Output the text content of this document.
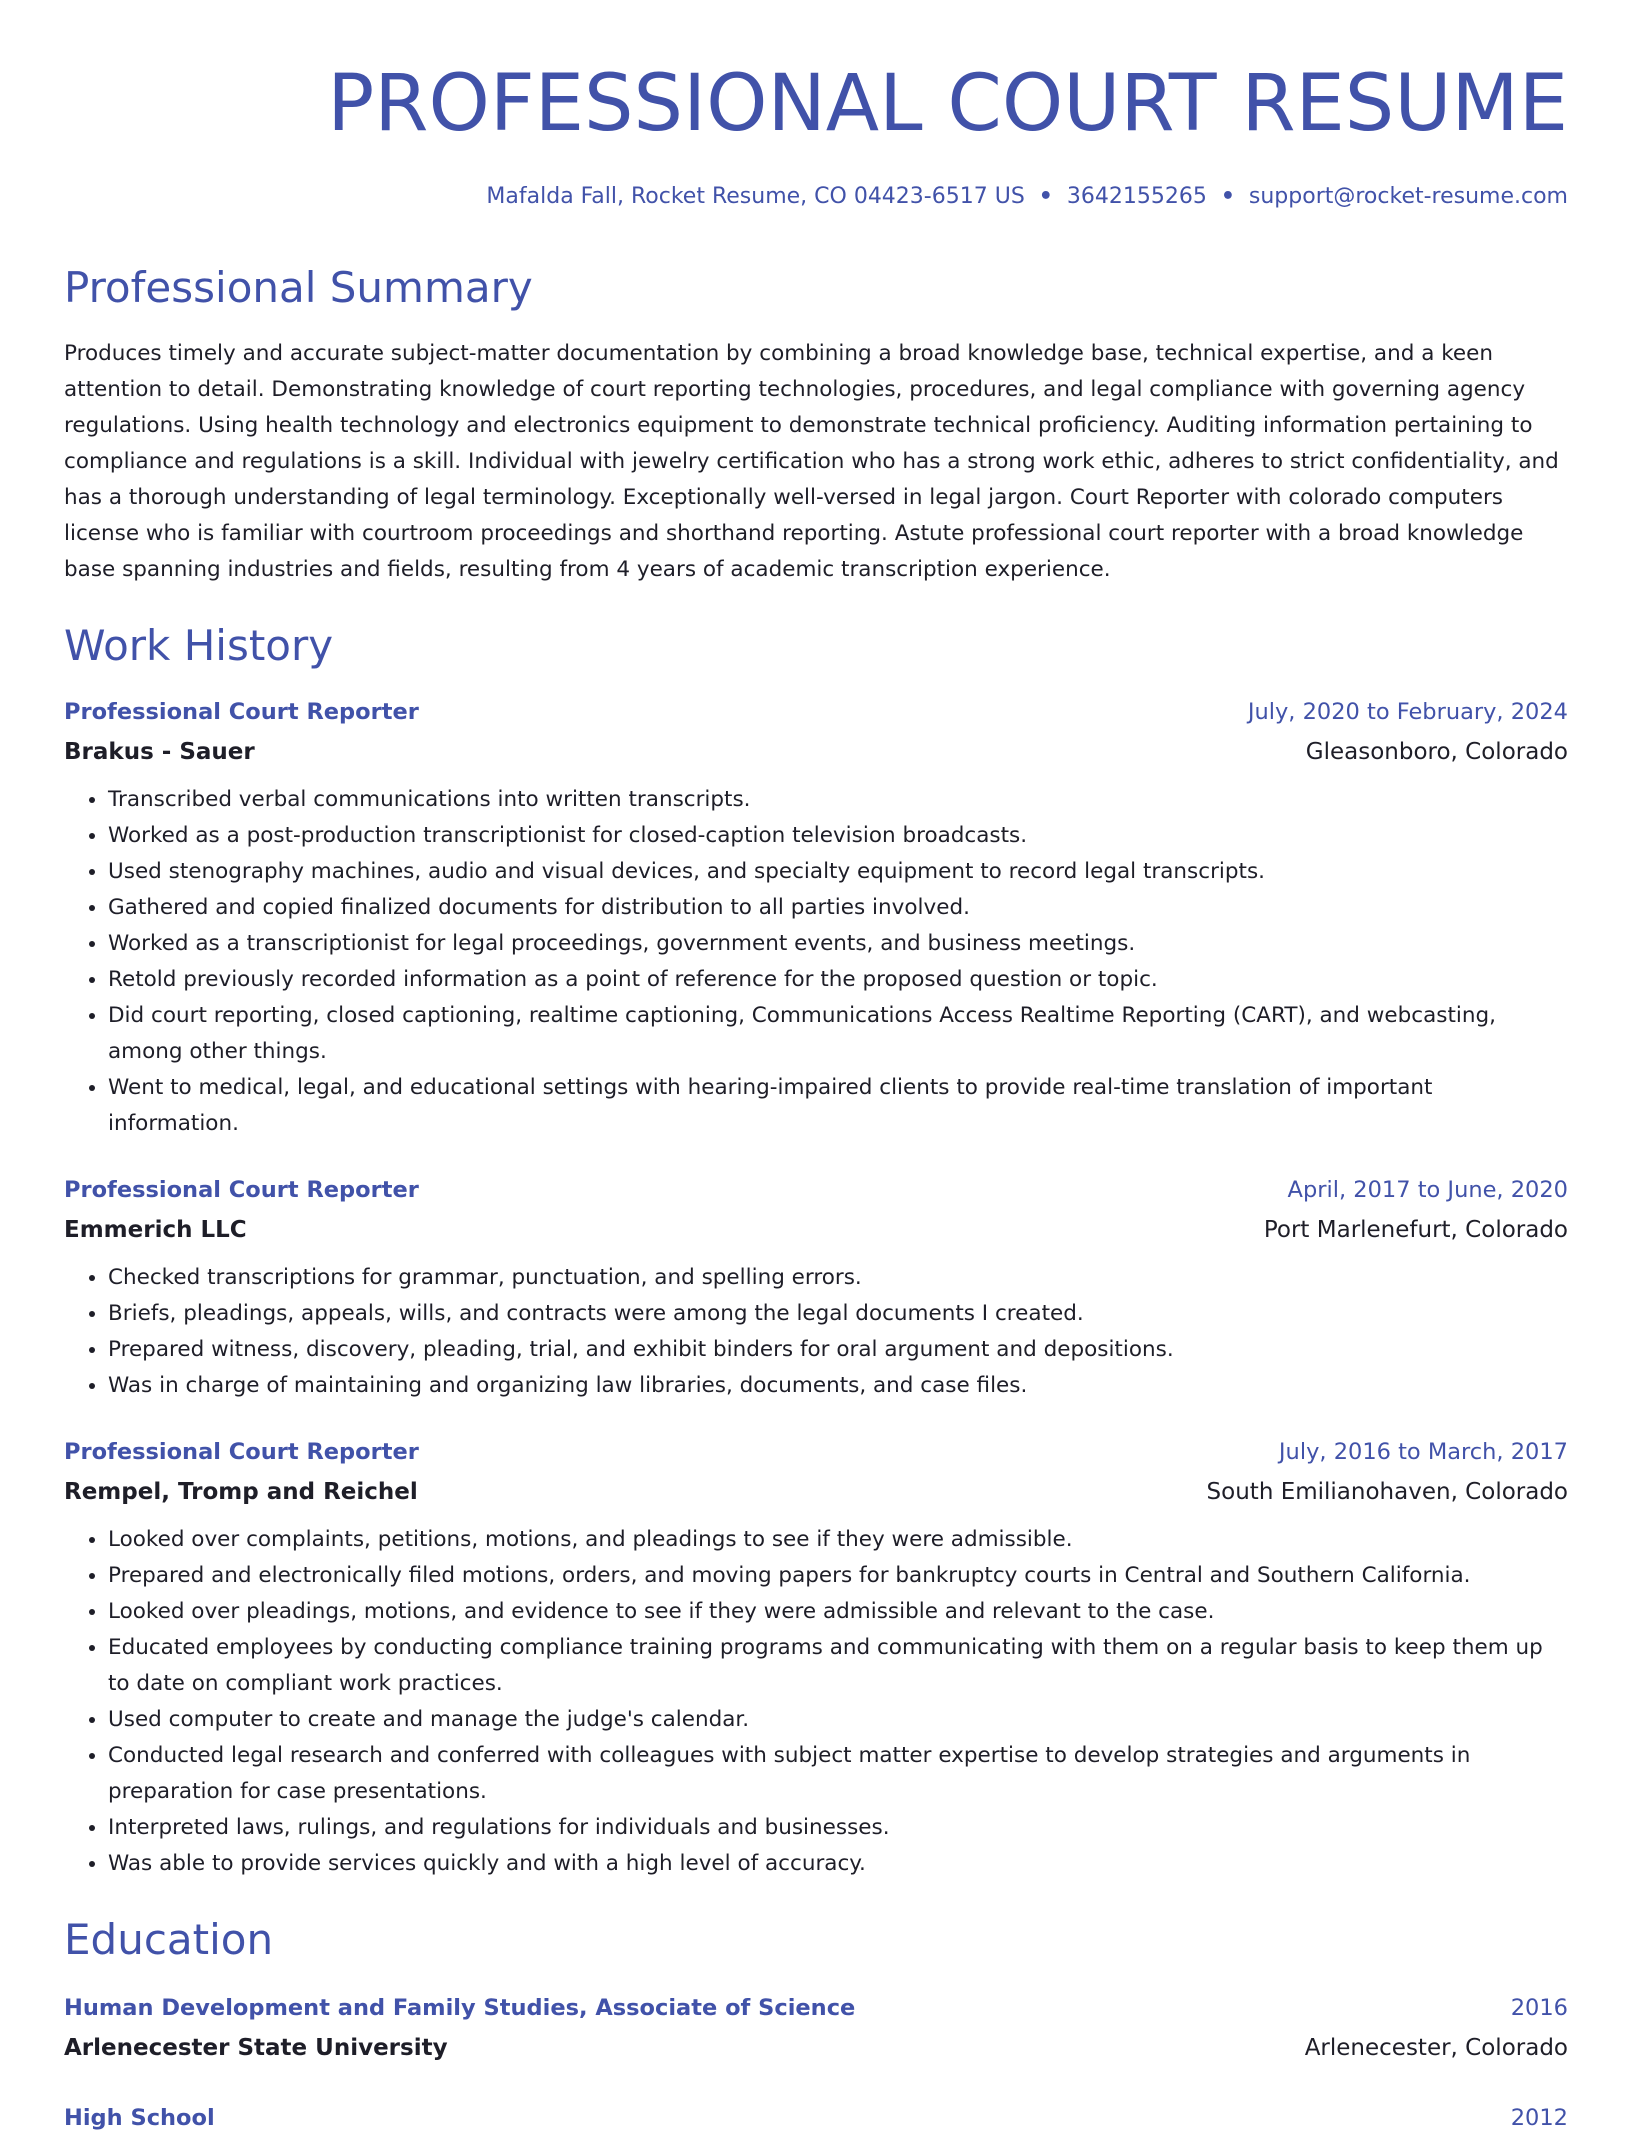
PROFESSIONAL COURT RESUME
Mafalda Fall, Rocket Resume, CO 04423-6517 US • 3642155265 • support@rocket-resume.com
Professional Summary
Produces timely and accurate subject-matter documentation by combining a broad knowledge base, technical expertise, and a keen attention to detail. Demonstrating knowledge of court reporting technologies, procedures, and legal compliance with governing agency regulations. Using health technology and electronics equipment to demonstrate technical proficiency. Auditing information pertaining to compliance and regulations is a skill. Individual with jewelry certification who has a strong work ethic, adheres to strict confidentiality, and has a thorough understanding of legal terminology. Exceptionally well-versed in legal jargon. Court Reporter with colorado computers license who is familiar with courtroom proceedings and shorthand reporting. Astute professional court reporter with a broad knowledge base spanning industries and fields, resulting from 4 years of academic transcription experience.
Work History
Professional Court Reporter	July, 2020 to February, 2024
Brakus - Sauer	Gleasonboro, Colorado
• Transcribed verbal communications into written transcripts.
• Worked as a post-production transcriptionist for closed-caption television broadcasts.
• Used stenography machines, audio and visual devices, and specialty equipment to record legal transcripts.
• Gathered and copied finalized documents for distribution to all parties involved.
• Worked as a transcriptionist for legal proceedings, government events, and business meetings.
• Retold previously recorded information as a point of reference for the proposed question or topic.
• Did court reporting, closed captioning, realtime captioning, Communications Access Realtime Reporting (CART), and webcasting, among other things.
• Went to medical, legal, and educational settings with hearing-impaired clients to provide real-time translation of important information.
Professional Court Reporter	April, 2017 to June, 2020
Emmerich LLC	Port Marlenefurt, Colorado
• Checked transcriptions for grammar, punctuation, and spelling errors.
• Briefs, pleadings, appeals, wills, and contracts were among the legal documents I created.
• Prepared witness, discovery, pleading, trial, and exhibit binders for oral argument and depositions.
• Was in charge of maintaining and organizing law libraries, documents, and case files.
Professional Court Reporter	July, 2016 to March, 2017
Rempel, Tromp and Reichel	South Emilianohaven, Colorado
• Looked over complaints, petitions, motions, and pleadings to see if they were admissible.
• Prepared and electronically filed motions, orders, and moving papers for bankruptcy courts in Central and Southern California.
• Looked over pleadings, motions, and evidence to see if they were admissible and relevant to the case.
• Educated employees by conducting compliance training programs and communicating with them on a regular basis to keep them up to date on compliant work practices.
• Used computer to create and manage the judge's calendar.
• Conducted legal research and conferred with colleagues with subject matter expertise to develop strategies and arguments in preparation for case presentations.
• Interpreted laws, rulings, and regulations for individuals and businesses.
• Was able to provide services quickly and with a high level of accuracy.
Education
Human Development and Family Studies, Associate of Science	2016
Arlenecester State University	Arlenecester, Colorado
High School	2012
